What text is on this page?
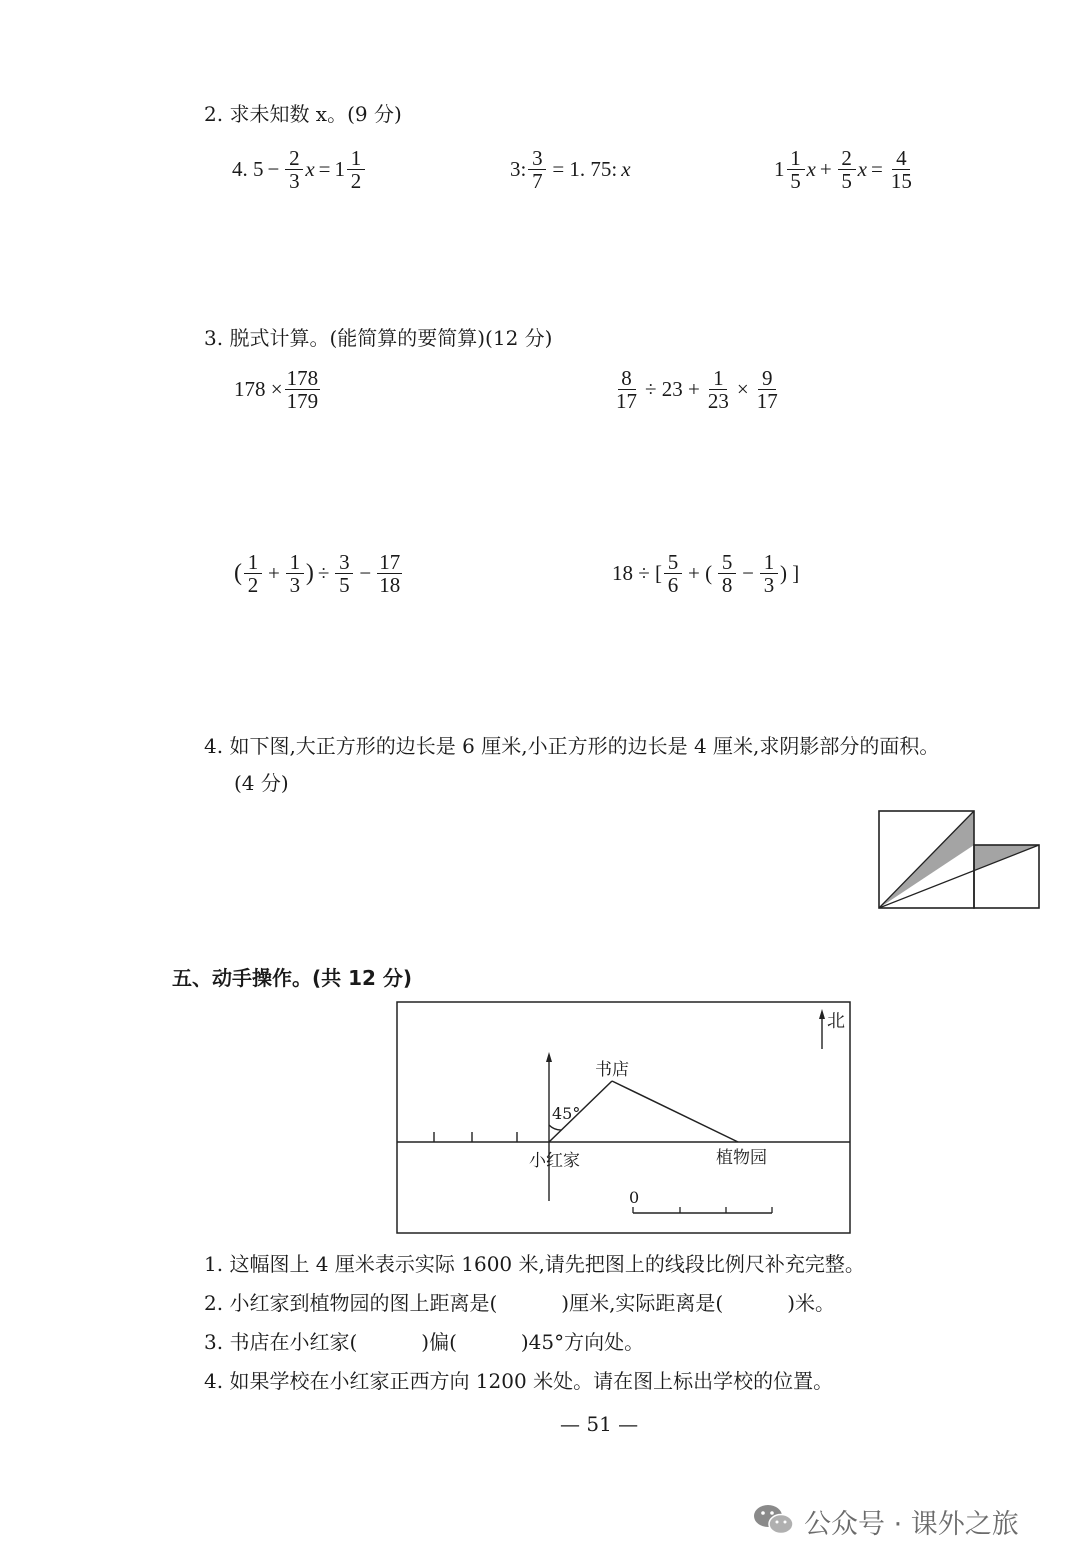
2. 求未知数 x。(9 分)
4. $5 - \frac{2}{3}$ $x = 1 \frac{1}{2}$	3: $\frac{3}{7} = 1$. 75: x	$1 \frac{1}{5}$ $x + \frac{2}{5}$ $x = \frac{4}{15}$
3. 脱式计算。(能简算的要简算)(12 分)
$178 \times \frac{178}{179}$	$\frac{8}{17} \div 23 + \frac{1}{23} \times \frac{9}{17}$
( $\frac{1}{2} + \frac{1}{3}$ ) ÷ $\frac{3}{5} - \frac{17}{18}$	18 ÷ [ $\frac{5}{6}$ + ( $\frac{5}{8} - \frac{1}{3}$ ) ]
4. 如下图,大正方形的边长是 6 厘米,小正方形的边长是 4 厘米,求阴影部分的面积。
(4 分)
五、动手操作。(共 12 分)
北
书店
45°
小红家	植物园
0
1. 这幅图上 4 厘米表示实际 1600 米,请先把图上的线段比例尺补充完整。
2. 小红家到植物园的图上距离是(	)厘米,实际距离是(	)米。
3. 书店在小红家(	)偏(	)45°方向处。
4. 如果学校在小红家正西方向 1200 米处。请在图上标出学校的位置。
— 51 —
公众号 · 课外之旅
